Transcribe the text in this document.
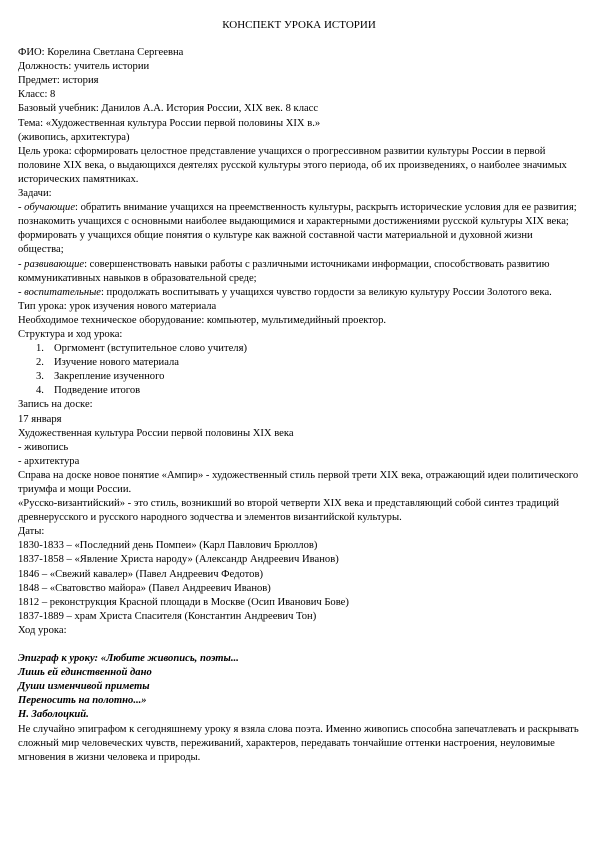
КОНСПЕКТ УРОКА ИСТОРИИ
ФИО: Корелина Светлана Сергеевна
Должность: учитель истории
Предмет: история
Класс: 8
Базовый учебник: Данилов А.А. История России, XIX век. 8 класс
Тема: «Художественная культура России первой половины XIX в.»
(живопись, архитектура)

Цель урока: сформировать целостное представление учащихся о прогрессивном развитии культуры России в первой половине XIX века, о выдающихся деятелях русской культуры этого периода, об их произведениях, о наиболее значимых исторических памятниках.

Задачи:

- обучающие: обратить внимание учащихся на преемственность культуры, раскрыть исторические условия для ее развития; познакомить учащихся с основными наиболее выдающимися и характерными достижениями русской культуры XIX века; формировать у учащихся общие понятия о культуре как важной составной части материальной и духовной жизни общества;

- развивающие: совершенствовать навыки работы с различными источниками информации, способствовать развитию коммуникативных навыков в образовательной среде;

- воспитательные: продолжать воспитывать у учащихся чувство гордости за великую культуру России Золотого века.

Тип урока: урок изучения нового материала
Необходимое техническое оборудование: компьютер, мультимедийный проектор.
Структура и ход урока:
1. Оргмомент (вступительное слово учителя)
2. Изучение нового материала
3. Закрепление изученного
4. Подведение итогов
Запись на доске:
17 января
Художественная культура России первой половины XIX века
- живопись
- архитектура

Справа на доске новое понятие «Ампир» - художественный стиль первой трети XIX века, отражающий идеи политического триумфа и мощи России.

«Русско-византийский» - это стиль, возникший во второй четверти XIX века и представляющий собой синтез традиций древнерусского и русского народного зодчества и элементов византийской культуры.

Даты:
1830-1833 – «Последний день Помпеи» (Карл Павлович Брюллов)
1837-1858 – «Явление Христа народу» (Александр Андреевич Иванов)
1846 – «Свежий кавалер» (Павел Андреевич Федотов)
1848 – «Сватовство майора» (Павел Андреевич Иванов)
1812 – реконструкция Красной площади в Москве (Осип Иванович Бове)
1837-1889 – храм Христа Спасителя (Константин Андреевич Тон)
Ход урока:
Эпиграф к уроку: «Любите живопись, поэты...
Лишь ей единственной дано
Души изменчивой приметы
Переносить на полотно...»
Н. Заболоцкий.

Не случайно эпиграфом к сегодняшнему уроку я взяла слова поэта. Именно живопись способна запечатлевать и раскрывать сложный мир человеческих чувств, переживаний, характеров, передавать тончайшие оттенки настроения, неуловимые мгновения в жизни человека и природы.
